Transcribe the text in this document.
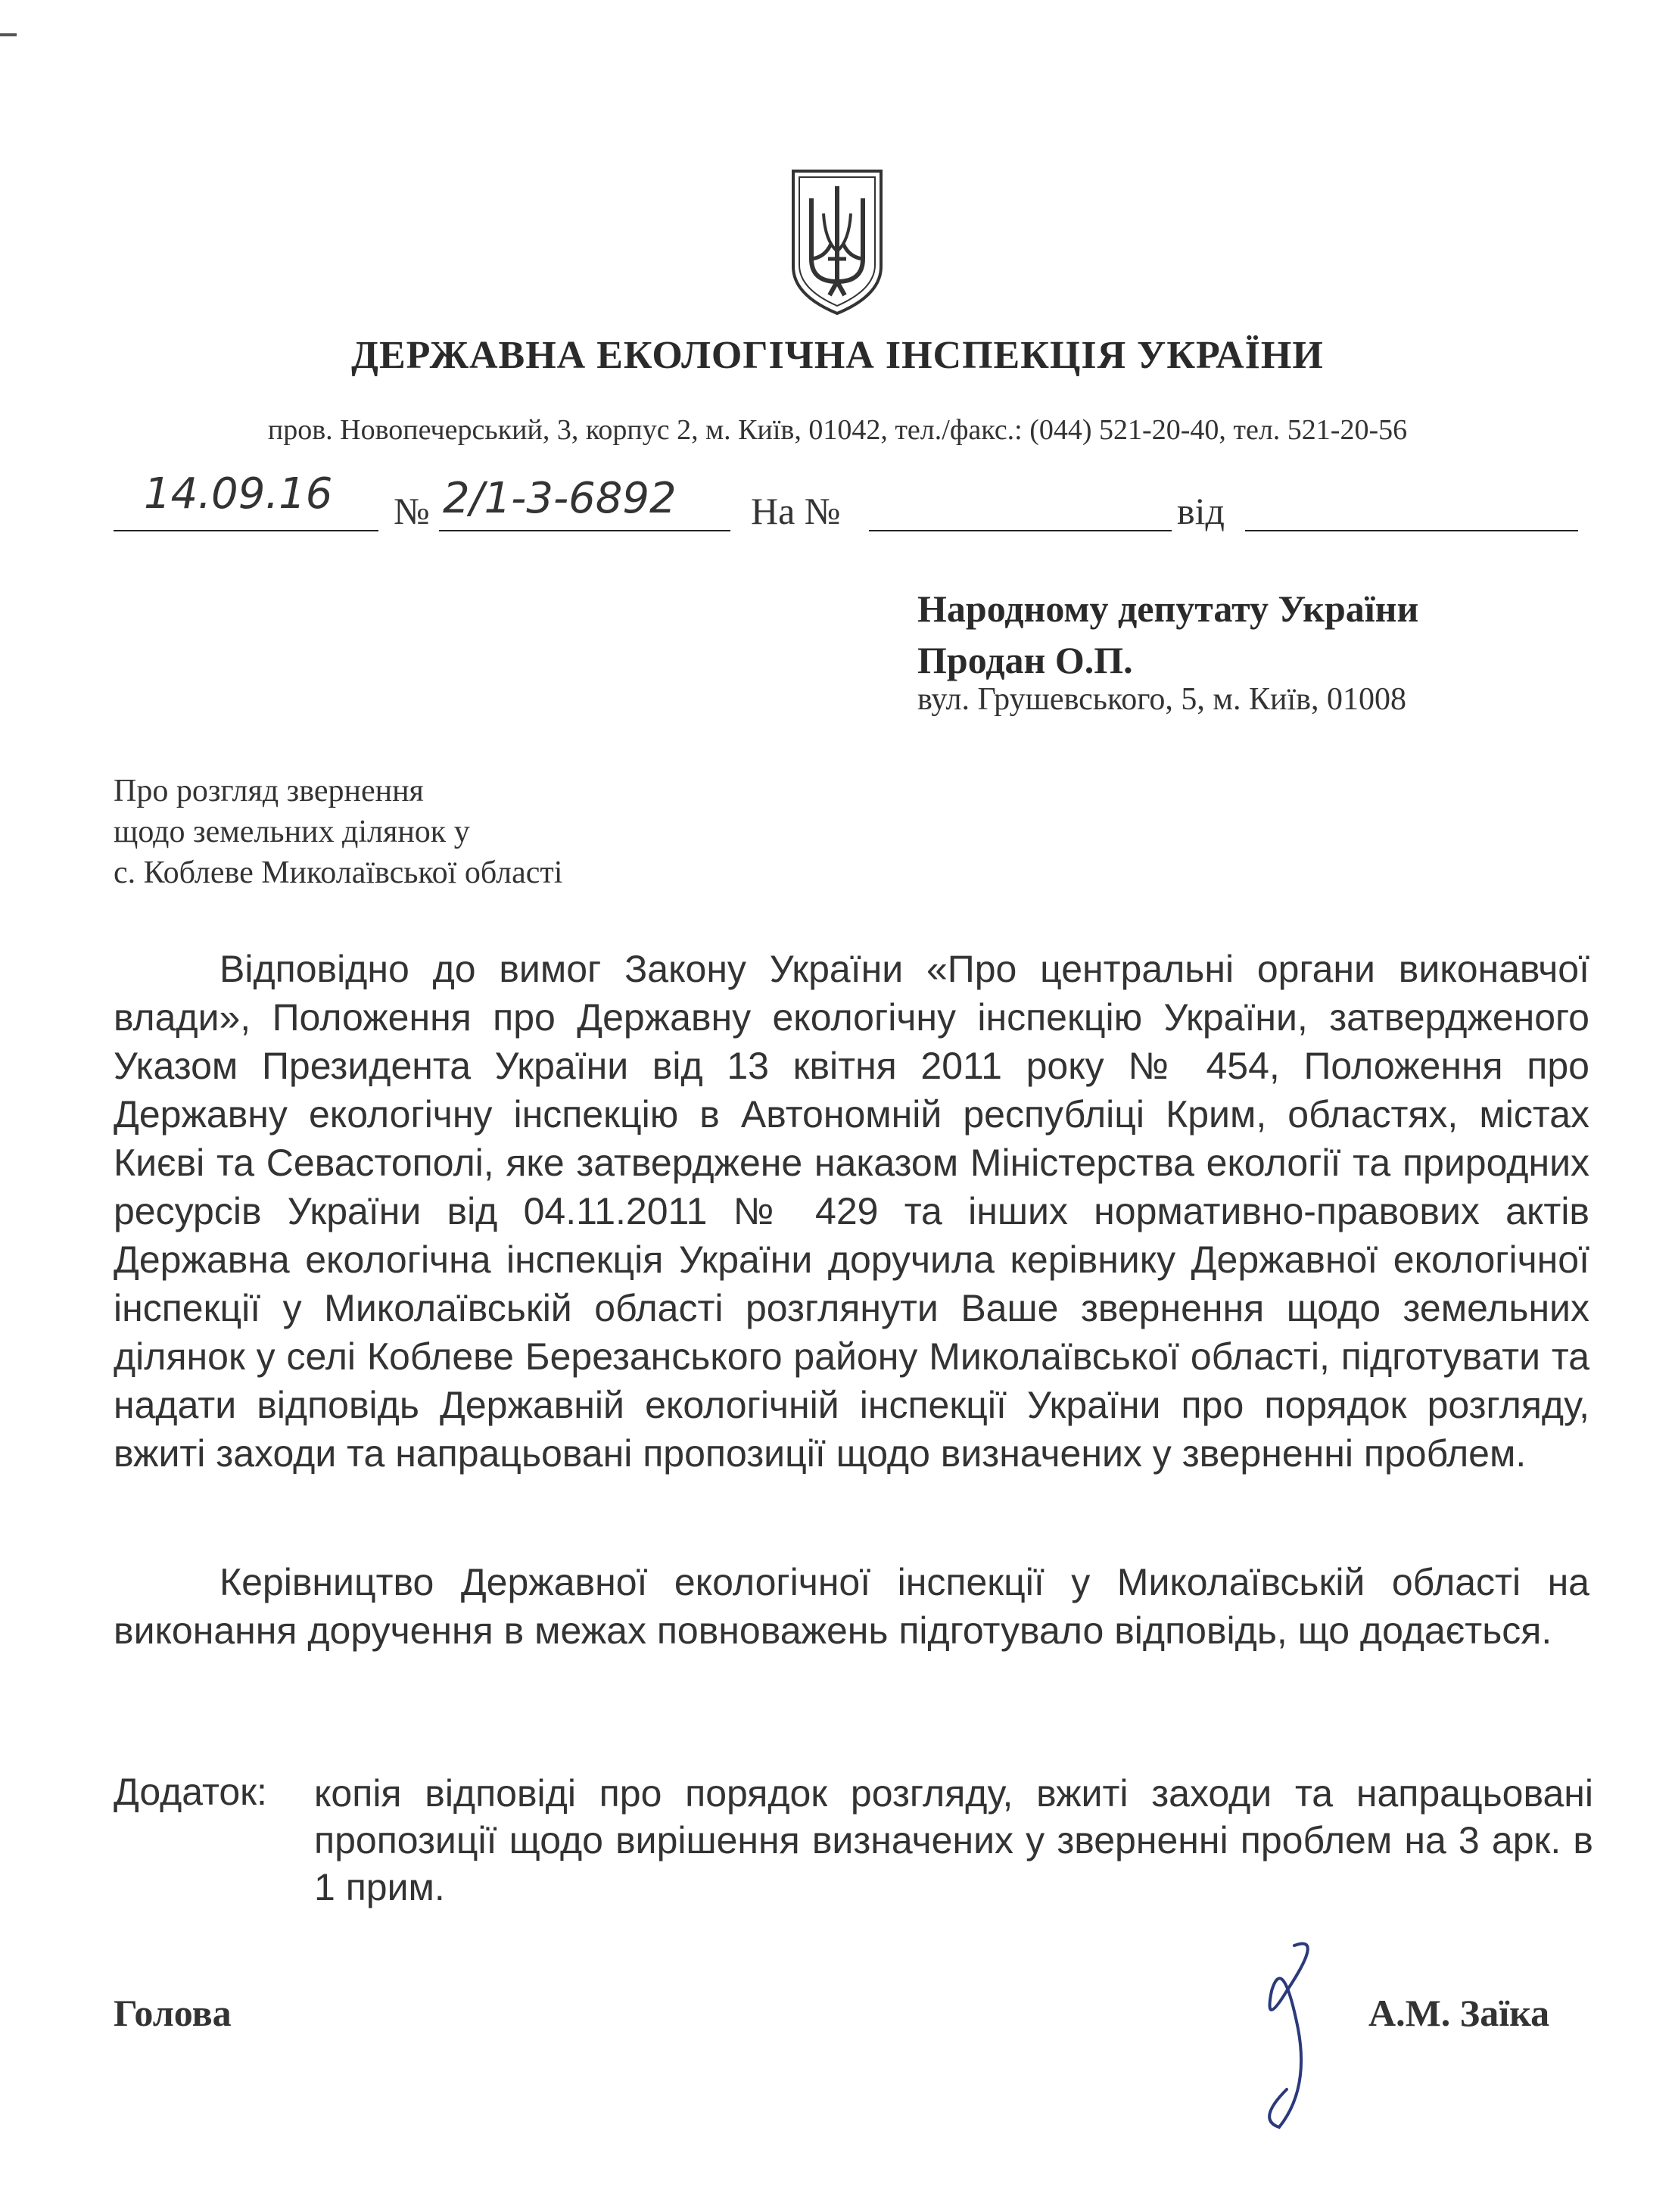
ДЕРЖАВНА ЕКОЛОГІЧНА ІНСПЕКЦІЯ УКРАЇНИ
пров. Новопечерський, 3, корпус 2, м. Київ, 01042, тел./факс.: (044) 521-20-40, тел. 521-20-56
14.09.16 № 2/1-3-6892 На №	від
Народному депутату України
Продан О.П.
вул. Грушевського, 5, м. Київ, 01008
Про розгляд звернення
щодо земельних ділянок у
с. Коблеве Миколаївської області
Відповідно до вимог Закону України «Про центральні органи виконавчої влади», Положення про Державну екологічну інспекцію України, затвердженого Указом Президента України від 13 квітня 2011 року № 454, Положення про Державну екологічну інспекцію в Автономній республіці Крим, областях, містах Києві та Севастополі, яке затверджене наказом Міністерства екології та природних ресурсів України від 04.11.2011 № 429 та інших нормативно-правових актів Державна екологічна інспекція України доручила керівнику Державної екологічної інспекції у Миколаївській області розглянути Ваше звернення щодо земельних ділянок у селі Коблеве Березанського району Миколаївської області, підготувати та надати відповідь Державній екологічній інспекції України про порядок розгляду, вжиті заходи та напрацьовані пропозиції щодо визначених у зверненні проблем.
Керівництво Державної екологічної інспекції у Миколаївській області на виконання доручення в межах повноважень підготувало відповідь, що додається.
Додаток: копія відповіді про порядок розгляду, вжиті заходи та напрацьовані пропозиції щодо вирішення визначених у зверненні проблем на 3 арк. в 1 прим.
Голова	А.М. Заїка
